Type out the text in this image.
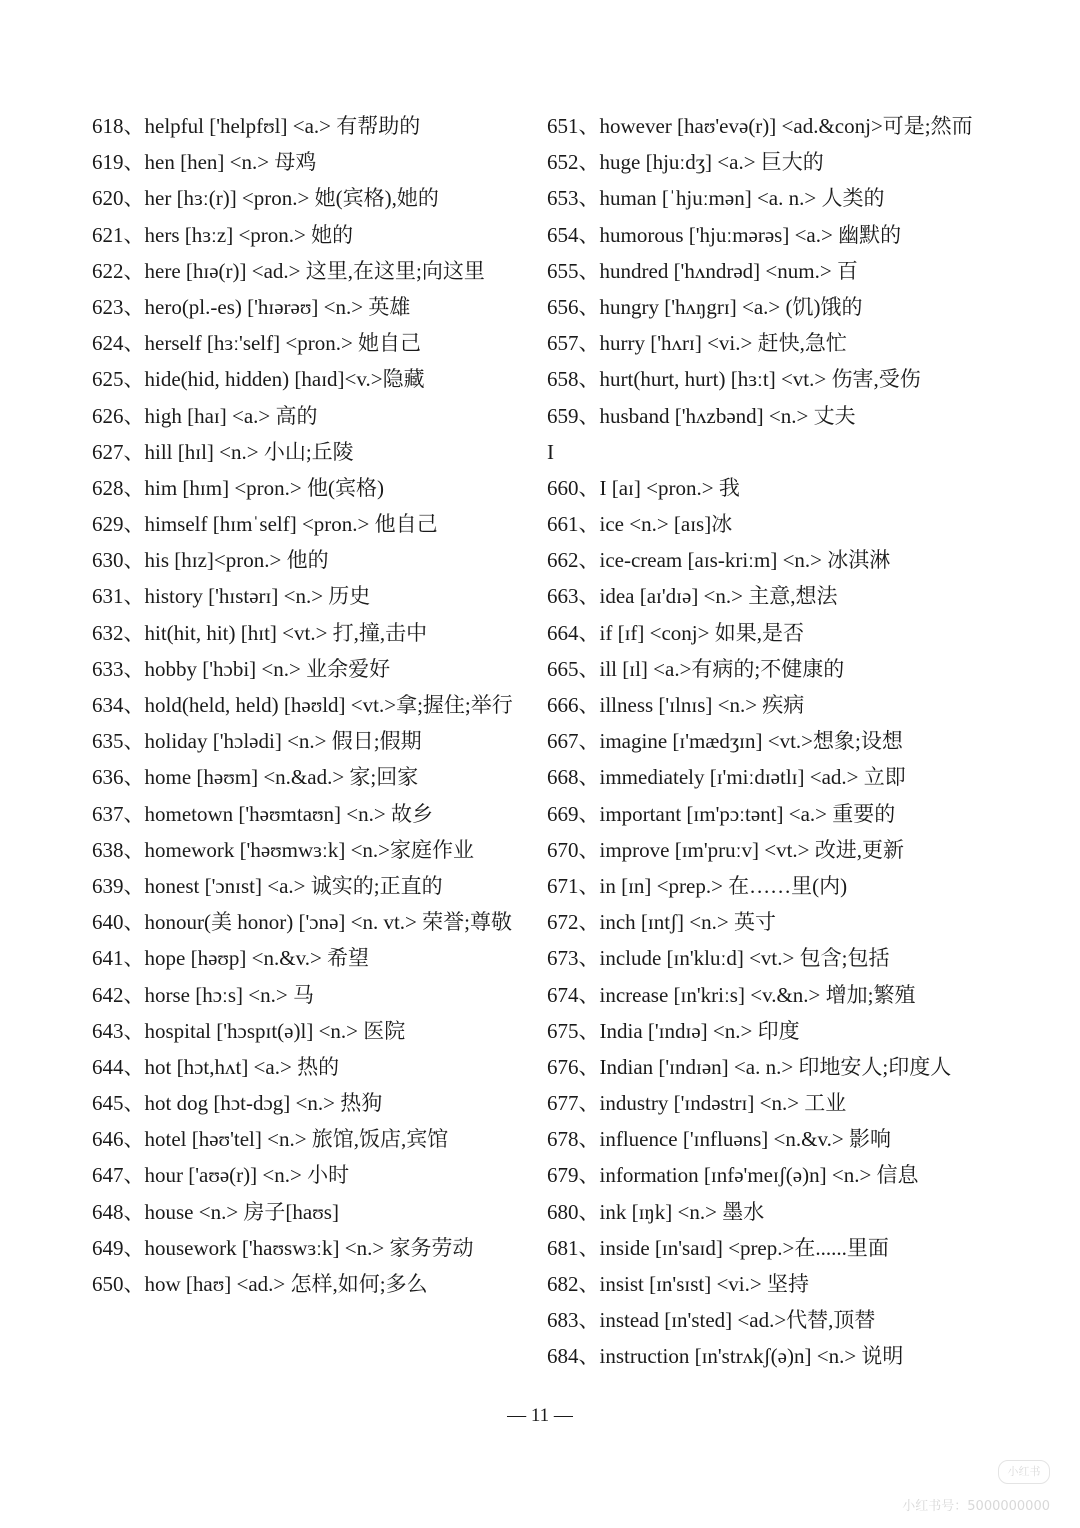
618、helpful ['helpfʊl] <a.> 有帮助的
619、hen [hen] <n.> 母鸡
620、her [hɜː(r)] <pron.> 她(宾格),她的
621、hers [hɜːz] <pron.> 她的
622、here [hɪə(r)] <ad.> 这里,在这里;向这里
623、hero(pl.-es) ['hɪərəʊ] <n.> 英雄
624、herself [hɜː'self] <pron.> 她自己
625、hide(hid, hidden) [haɪd]<v.>隐藏
626、high [haɪ] <a.> 高的
627、hill [hɪl] <n.> 小山;丘陵
628、him [hɪm] <pron.> 他(宾格)
629、himself [hɪmˈself] <pron.> 他自己
630、his [hɪz]<pron.> 他的
631、history ['hɪstərɪ] <n.> 历史
632、hit(hit, hit) [hɪt] <vt.> 打,撞,击中
633、hobby ['hɔbi] <n.> 业余爱好
634、hold(held, held) [həʊld] <vt.>拿;握住;举行
635、holiday ['hɔlədi] <n.> 假日;假期
636、home [həʊm] <n.&ad.> 家;回家
637、hometown ['həʊmtaʊn] <n.> 故乡
638、homework ['həʊmwɜːk] <n.>家庭作业
639、honest ['ɔnɪst] <a.> 诚实的;正直的
640、honour(美 honor) ['ɔnə] <n. vt.> 荣誉;尊敬
641、hope [həʊp] <n.&v.> 希望
642、horse [hɔːs] <n.> 马
643、hospital ['hɔspɪt(ə)l] <n.> 医院
644、hot [hɔt,hʌt] <a.> 热的
645、hot dog [hɔt-dɔg] <n.> 热狗
646、hotel [həʊ'tel] <n.> 旅馆,饭店,宾馆
647、hour ['aʊə(r)] <n.> 小时
648、house <n.> 房子[haʊs]
649、housework ['haʊswɜːk] <n.> 家务劳动
650、how [haʊ] <ad.> 怎样,如何;多么
651、however [haʊ'evə(r)] <ad.&conj>可是;然而
652、huge [hjuːdʒ] <a.> 巨大的
653、human [ˈhjuːmən] <a. n.> 人类的
654、humorous ['hjuːmərəs] <a.> 幽默的
655、hundred ['hʌndrəd] <num.> 百
656、hungry ['hʌŋgrɪ] <a.> (饥)饿的
657、hurry ['hʌrɪ] <vi.> 赶快,急忙
658、hurt(hurt, hurt) [hɜːt] <vt.> 伤害,受伤
659、husband ['hʌzbənd] <n.> 丈夫
I
660、I [aɪ] <pron.> 我
661、ice <n.> [aɪs]冰
662、ice-cream [aɪs-kriːm] <n.> 冰淇淋
663、idea [aɪ'dɪə] <n.> 主意,想法
664、if [ɪf] <conj> 如果,是否
665、ill [ɪl] <a.>有病的;不健康的
666、illness ['ɪlnɪs] <n.> 疾病
667、imagine [ɪ'mædʒɪn] <vt.>想象;设想
668、immediately [ɪ'miːdɪətlɪ] <ad.> 立即
669、important [ɪm'pɔːtənt] <a.> 重要的
670、improve [ɪm'pruːv] <vt.> 改进,更新
671、in [ɪn] <prep.> 在……里(内)
672、inch [ɪntʃ] <n.> 英寸
673、include [ɪn'kluːd] <vt.> 包含;包括
674、increase [ɪn'kriːs] <v.&n.> 增加;繁殖
675、India ['ɪndɪə] <n.> 印度
676、Indian ['ɪndɪən] <a. n.> 印地安人;印度人
677、industry ['ɪndəstrɪ] <n.> 工业
678、influence ['ɪnfluəns] <n.&v.> 影响
679、information [ɪnfə'meɪʃ(ə)n] <n.> 信息
680、ink [ɪŋk] <n.> 墨水
681、inside [ɪn'saɪd] <prep.>在......里面
682、insist [ɪn'sɪst] <vi.> 坚持
683、instead [ɪn'sted] <ad.>代替,顶替
684、instruction [ɪn'strʌkʃ(ə)n] <n.> 说明
— 11 —
小红书
小红书号：5000000000
